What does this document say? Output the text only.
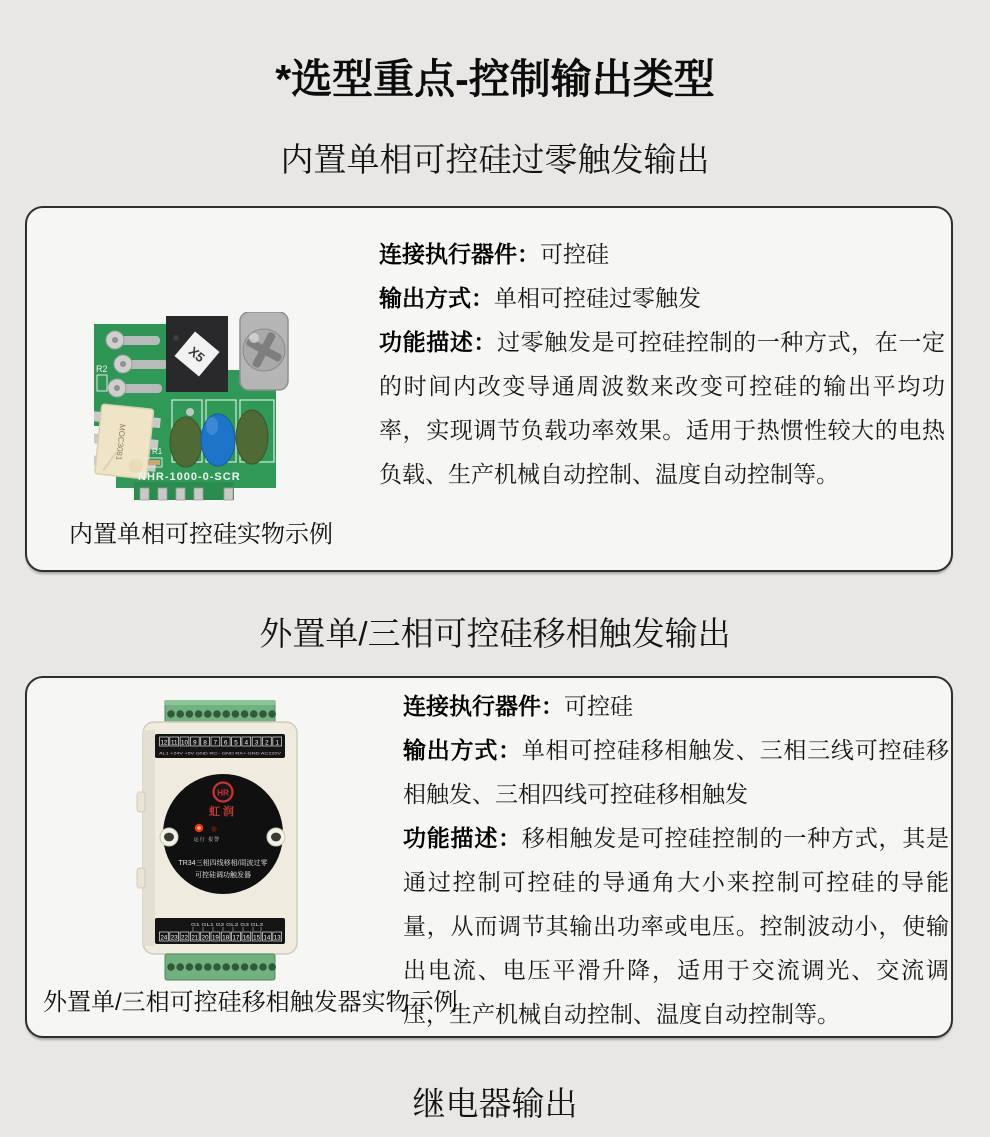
*选型重点-控制输出类型
内置单相可控硅过零触发输出
R2
X5
MOC3081	R1
NHR-1000-0-SCR

连接执行器件：可控硅

输出方式：单相可控硅过零触发

功能描述：过零触发是可控硅控制的一种方式，在一定的时间内改变导通周波数来改变可控硅的输出平均功率，实现调节负载功率效果。适用于热惯性较大的电热负载、生产机械自动控制、温度自动控制等。

内置单相可控硅实物示例
外置单/三相可控硅移相触发输出
12 11 10 9 8 7 6 5 4 3 2 1
AL1 +24V +5V GND RC~ GND RX+ GND AC220V
HR
虹润
运行 报警
TR34三相四线移相/周波过零
可控硅调功触发器
G1 GL1 G2 GL2 G3 GL3
24 23 22 21 20 19 18 17 16 15 14 13

连接执行器件：可控硅

输出方式：单相可控硅移相触发、三相三线可控硅移相触发、三相四线可控硅移相触发

功能描述：移相触发是可控硅控制的一种方式，其是通过控制可控硅的导通角大小来控制可控硅的导能量，从而调节其输出功率或电压。控制波动小，使输出电流、电压平滑升降，适用于交流调光、交流调压，生产机械自动控制、温度自动控制等。

外置单/三相可控硅移相触发器实物示例
继电器输出
